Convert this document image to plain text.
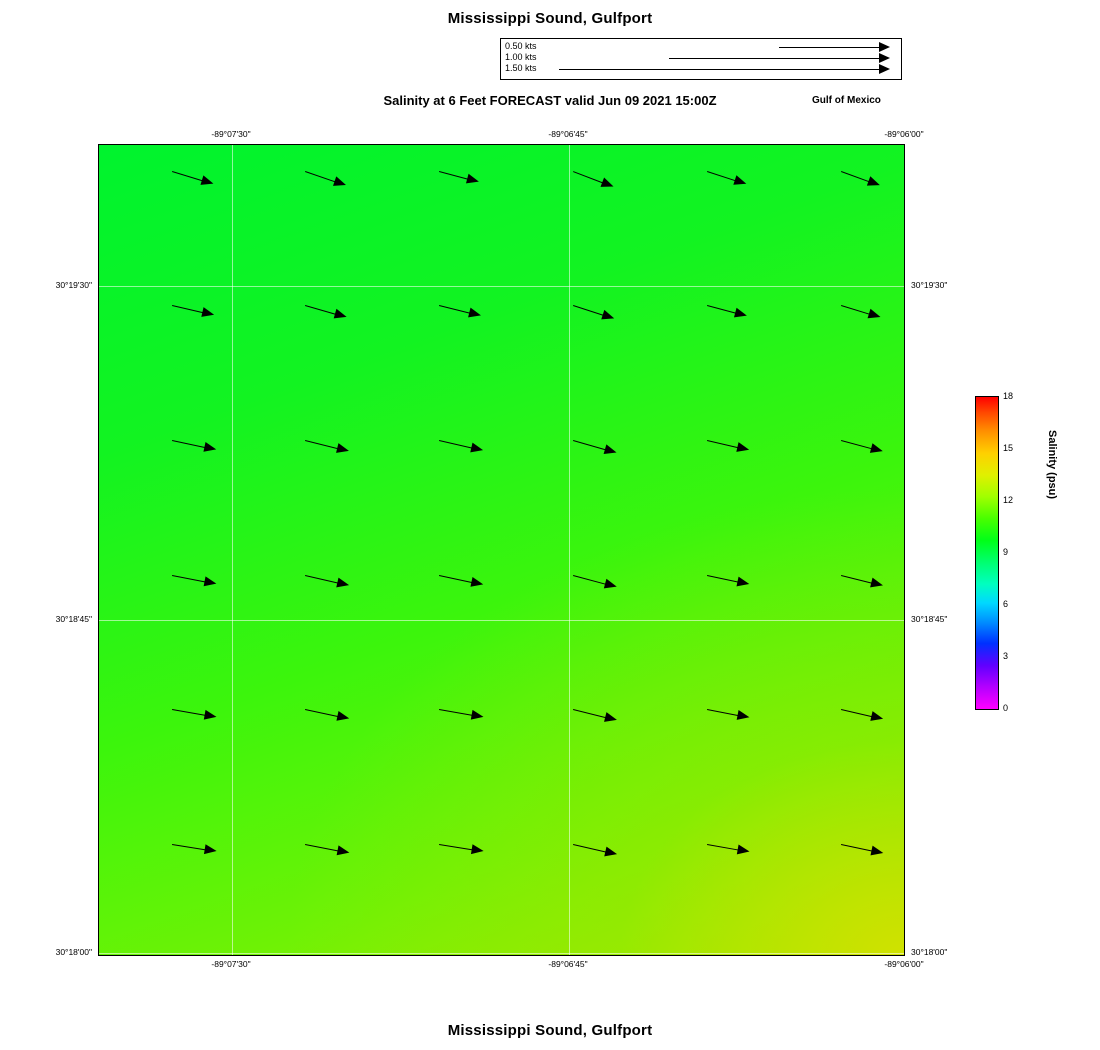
Mississippi Sound, Gulfport
Salinity at 6 Feet FORECAST valid Jun 09 2021 15:00Z	Gulf of Mexico
Mississippi Sound, Gulfport
0.50 kts
1.00 kts
1.50 kts
-89°07'30"
-89°07'30"
-89°06'45"
-89°06'45"
-89°06'00"
-89°06'00"
30°19'30"	30°19'30"
30°18'45"	30°18'45"
30°18'00"	30°18'00"
18
15
12
9
6
3
0
Salinity (psu)
